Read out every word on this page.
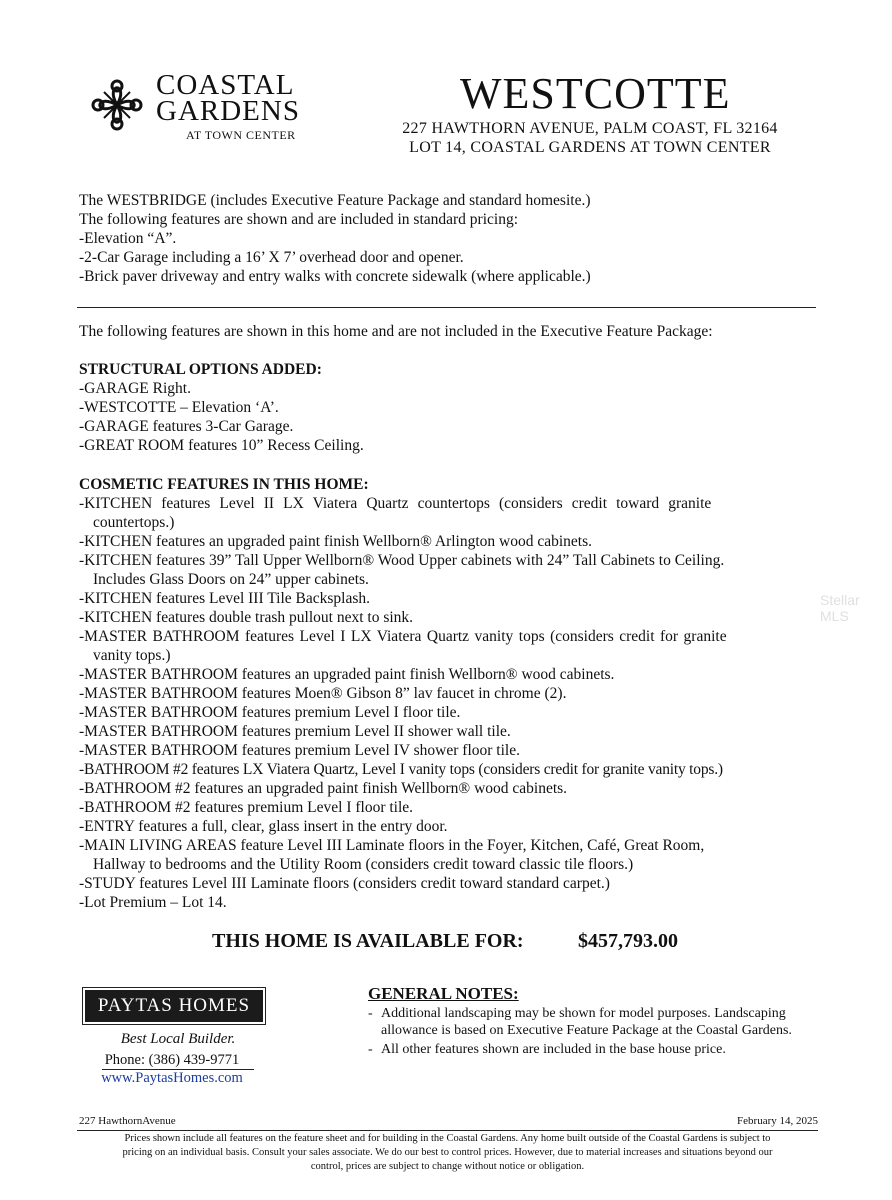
COASTAL
GARDENS
AT TOWN CENTER
WESTCOTTE
227 HAWTHORN AVENUE, PALM COAST, FL 32164
LOT 14, COASTAL GARDENS AT TOWN CENTER
The WESTBRIDGE (includes Executive Feature Package and standard homesite.)
The following features are shown and are included in standard pricing:
-Elevation “A”.
-2-Car Garage including a 16’ X 7’ overhead door and opener.
-Brick paver driveway and entry walks with concrete sidewalk (where applicable.)
The following features are shown in this home and are not included in the Executive Feature Package:
STRUCTURAL OPTIONS ADDED:
-GARAGE Right.
-WESTCOTTE – Elevation ‘A’.
-GARAGE features 3-Car Garage.
-GREAT ROOM features 10” Recess Ceiling.
COSMETIC FEATURES IN THIS HOME:
-KITCHEN features Level II LX Viatera Quartz countertops (considers credit toward granite
countertops.)
-KITCHEN features an upgraded paint finish Wellborn® Arlington wood cabinets.
-KITCHEN features 39” Tall Upper Wellborn® Wood Upper cabinets with 24” Tall Cabinets to Ceiling.
Includes Glass Doors on 24” upper cabinets.
-KITCHEN features Level III Tile Backsplash.
-KITCHEN features double trash pullout next to sink.
-MASTER BATHROOM features Level I LX Viatera Quartz vanity tops (considers credit for granite
vanity tops.)
-MASTER BATHROOM features an upgraded paint finish Wellborn® wood cabinets.
-MASTER BATHROOM features Moen® Gibson 8” lav faucet in chrome (2).
-MASTER BATHROOM features premium Level I floor tile.
-MASTER BATHROOM features premium Level II shower wall tile.
-MASTER BATHROOM features premium Level IV shower floor tile.
-BATHROOM #2 features LX Viatera Quartz, Level I vanity tops (considers credit for granite vanity tops.)
-BATHROOM #2 features an upgraded paint finish Wellborn® wood cabinets.
-BATHROOM #2 features premium Level I floor tile.
-ENTRY features a full, clear, glass insert in the entry door.
-MAIN LIVING AREAS feature Level III Laminate floors in the Foyer, Kitchen, Café, Great Room,
Hallway to bedrooms and the Utility Room (considers credit toward classic tile floors.)
-STUDY features Level III Laminate floors (considers credit toward standard carpet.)
-Lot Premium – Lot 14.
THIS HOME IS AVAILABLE FOR:	$457,793.00
PAYTAS HOMES
Best Local Builder.
Phone: (386) 439-9771
www.PaytasHomes.com
GENERAL NOTES:
- Additional landscaping may be shown for model purposes. Landscaping
allowance is based on Executive Feature Package at the Coastal Gardens.
- All other features shown are included in the base house price.
227 HawthornAvenue	February 14, 2025
Prices shown include all features on the feature sheet and for building in the Coastal Gardens. Any home built outside of the Coastal Gardens is subject to
pricing on an individual basis. Consult your sales associate. We do our best to control prices. However, due to material increases and situations beyond our
control, prices are subject to change without notice or obligation.
Stellar MLS
